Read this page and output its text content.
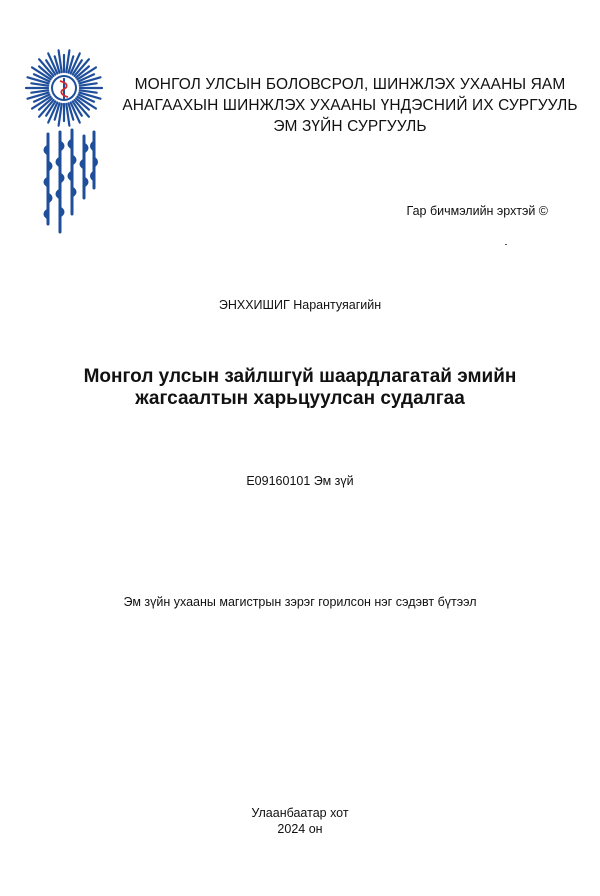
МОНГОЛ УЛСЫН БОЛОВСРОЛ, ШИНЖЛЭХ УХААНЫ ЯАМ
АНАГААХЫН ШИНЖЛЭХ УХААНЫ ҮНДЭСНИЙ ИХ СУРГУУЛЬ
ЭМ ЗҮЙН СУРГУУЛЬ
Гар бичмэлийн эрхтэй ©
ЭНХХИШИГ Нарантуяагийн
Монгол улсын зайлшгүй шаардлагатай эмийн
жагсаалтын харьцуулсан судалгаа
Е09160101 Эм зүй
Эм зүйн ухааны магистрын зэрэг горилсон нэг сэдэвт бүтээл
Улаанбаатар хот
2024 он
